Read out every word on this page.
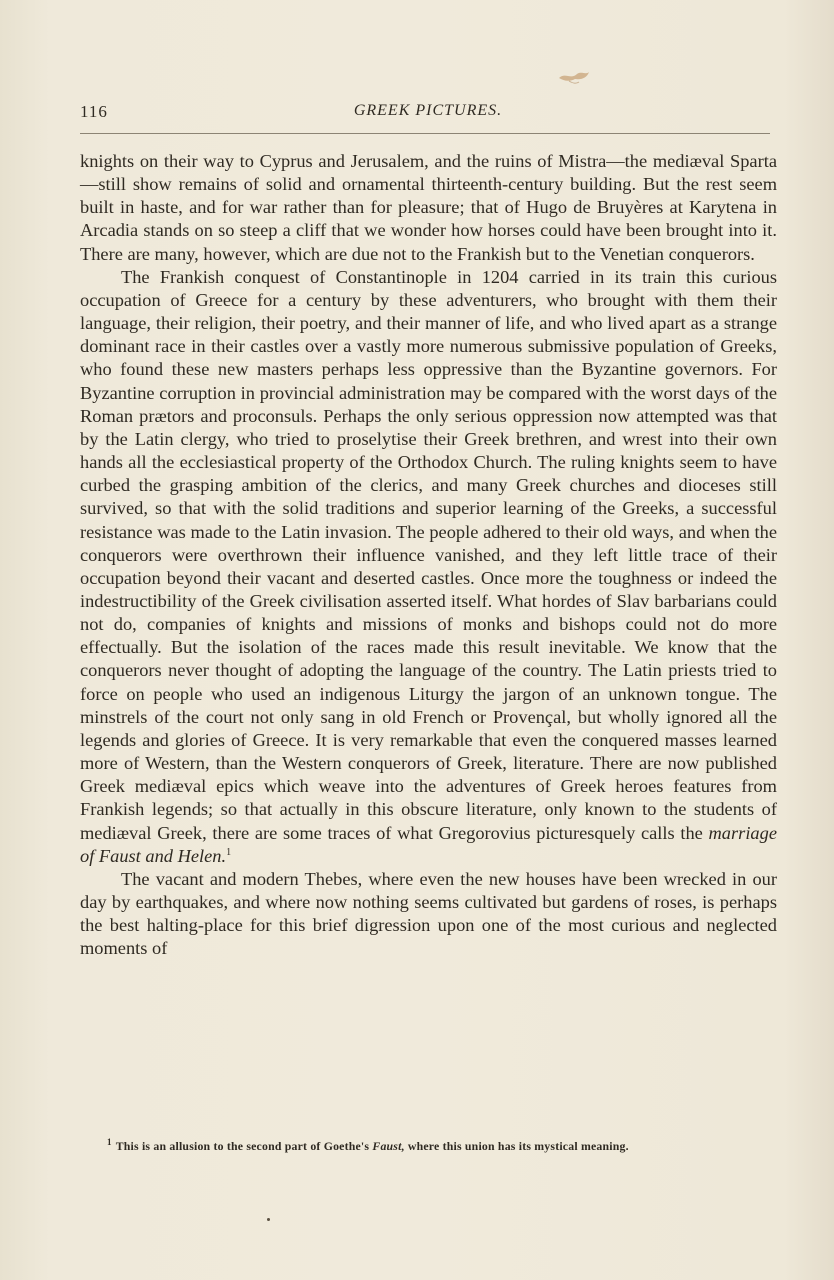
116	GREEK PICTURES.

knights on their way to Cyprus and Jerusalem, and the ruins of Mistra—the mediæval Sparta—still show remains of solid and ornamental thirteenth-century building. But the rest seem built in haste, and for war rather than for pleasure; that of Hugo de Bruyères at Karytena in Arcadia stands on so steep a cliff that we wonder how horses could have been brought into it. There are many, however, which are due not to the Frankish but to the Venetian conquerors.

The Frankish conquest of Constantinople in 1204 carried in its train this curious occupation of Greece for a century by these adventurers, who brought with them their language, their religion, their poetry, and their manner of life, and who lived apart as a strange dominant race in their castles over a vastly more numerous submissive population of Greeks, who found these new masters perhaps less oppressive than the Byzantine governors. For Byzantine corruption in provincial administration may be compared with the worst days of the Roman prætors and proconsuls. Perhaps the only serious oppression now attempted was that by the Latin clergy, who tried to proselytise their Greek brethren, and wrest into their own hands all the ecclesiastical property of the Orthodox Church. The ruling knights seem to have curbed the grasping ambition of the clerics, and many Greek churches and dioceses still survived, so that with the solid traditions and superior learning of the Greeks, a successful resistance was made to the Latin invasion. The people adhered to their old ways, and when the conquerors were overthrown their influence vanished, and they left little trace of their occupation beyond their vacant and deserted castles. Once more the toughness or indeed the indestructibility of the Greek civilisation asserted itself. What hordes of Slav barbarians could not do, companies of knights and missions of monks and bishops could not do more effectually. But the isolation of the races made this result inevitable. We know that the conquerors never thought of adopting the language of the country. The Latin priests tried to force on people who used an indigenous Liturgy the jargon of an unknown tongue. The minstrels of the court not only sang in old French or Provençal, but wholly ignored all the legends and glories of Greece. It is very remarkable that even the conquered masses learned more of Western, than the Western conquerors of Greek, literature. There are now published Greek mediæval epics which weave into the adventures of Greek heroes features from Frankish legends; so that actually in this obscure literature, only known to the students of mediæval Greek, there are some traces of what Gregorovius picturesquely calls the marriage of Faust and Helen.$^1$

The vacant and modern Thebes, where even the new houses have been wrecked in our day by earthquakes, and where now nothing seems cultivated but gardens of roses, is perhaps the best halting-place for this brief digression upon one of the most curious and neglected moments of

$^1$ This is an allusion to the second part of Goethe's Faust, where this union has its mystical meaning.
